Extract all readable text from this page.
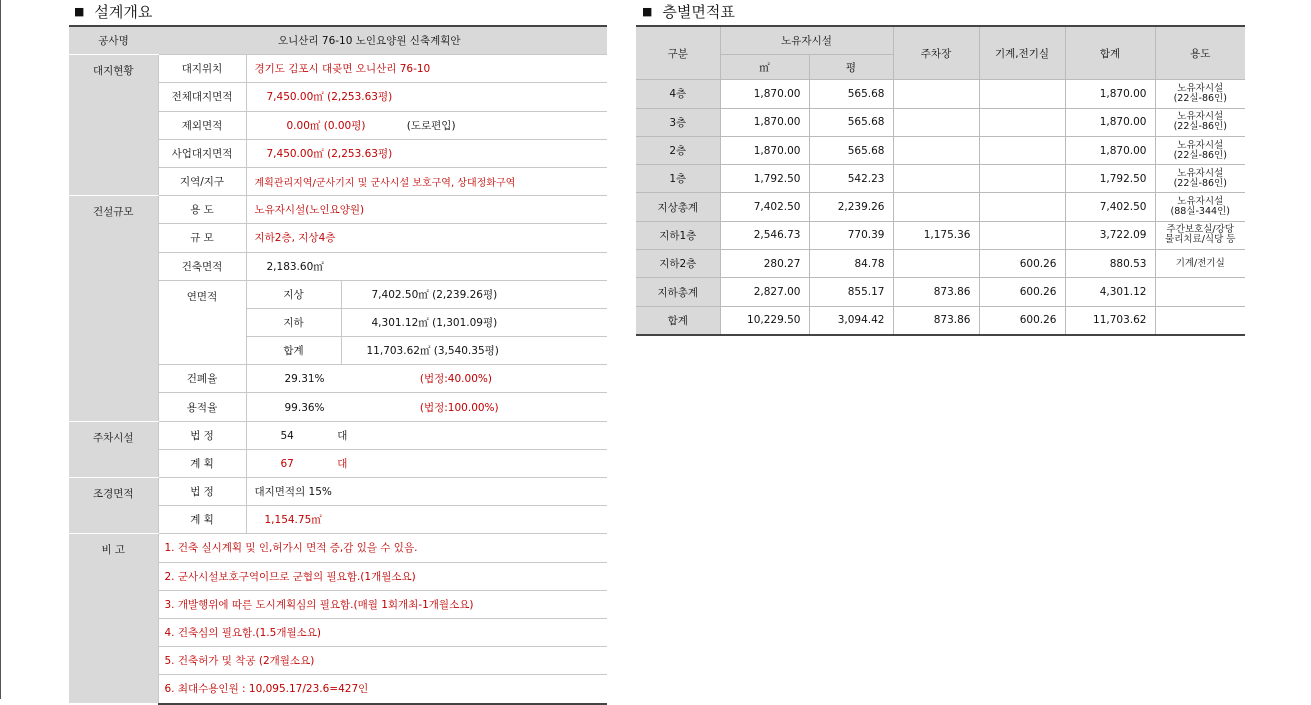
■ 설계개요	■ 층별면적표
공사명	오니산리 76-10 노인요양원 신축계획안		
대지현황	대지위치	경기도 김포시 대곶면 오니산리 76-10	
	전체대지면적	7,450.00㎡ (2,253.63평)	
	제외면적	0.00㎡ (0.00평) (도로편입)	
	사업대지면적	7,450.00㎡ (2,253.63평)	
	지역/지구	계획관리지역/군사기지 및 군사시설 보호구역, 상대정화구역	
건설규모	용 도	노유자시설(노인요양원)	
	규 모	지하2층, 지상4층	
	건축면적	2,183.60㎡	
	연면적	지상	7,402.50㎡ (2,239.26평)
		지하	4,301.12㎡ (1,301.09평)
		합계	11,703.62㎡ (3,540.35평)
	건폐율	29.31% (법정:40.00%)	
	용적율	99.36% (법정:100.00%)	
주차시설	법 정	54 대	
	계 획	67 대	
조경면적	법 정	대지면적의 15%	
	계 획	1,154.75㎡	
비 고	1. 건축 실시계획 및 인,허가시 면적 증,감 있을 수 있음.		
	2. 군사시설보호구역이므로 군협의 필요함.(1개월소요)		
	3. 개발행위에 따른 도시계획심의 필요함.(매월 1회개최-1개월소요)		
	4. 건축심의 필요함.(1.5개월소요)		
	5. 건축허가 및 착공 (2개월소요)		
	6. 최대수용인원 : 10,095.17/23.6=427인		
구분	노유자시설		주차장	기계,전기실	합계	용도
	㎡	평				
4층	1,870.00	565.68			1,870.00	노유자시설
(22실-86인)

3층	1,870.00	565.68			1,870.00	노유자시설
(22실-86인)

2층	1,870.00	565.68			1,870.00	노유자시설
(22실-86인)

1층	1,792.50	542.23			1,792.50	노유자시설
(22실-86인)

지상총계	7,402.50	2,239.26			7,402.50	노유자시설
(88실-344인)

지하1층	2,546.73	770.39	1,175.36		3,722.09	주간보호실/강당
물리치료/식당 등

지하2층	280.27	84.78		600.26	880.53	기계/전기실

지하총계	2,827.00	855.17	873.86	600.26	4,301.12	

합계	10,229.50	3,094.42	873.86	600.26	11,703.62	
